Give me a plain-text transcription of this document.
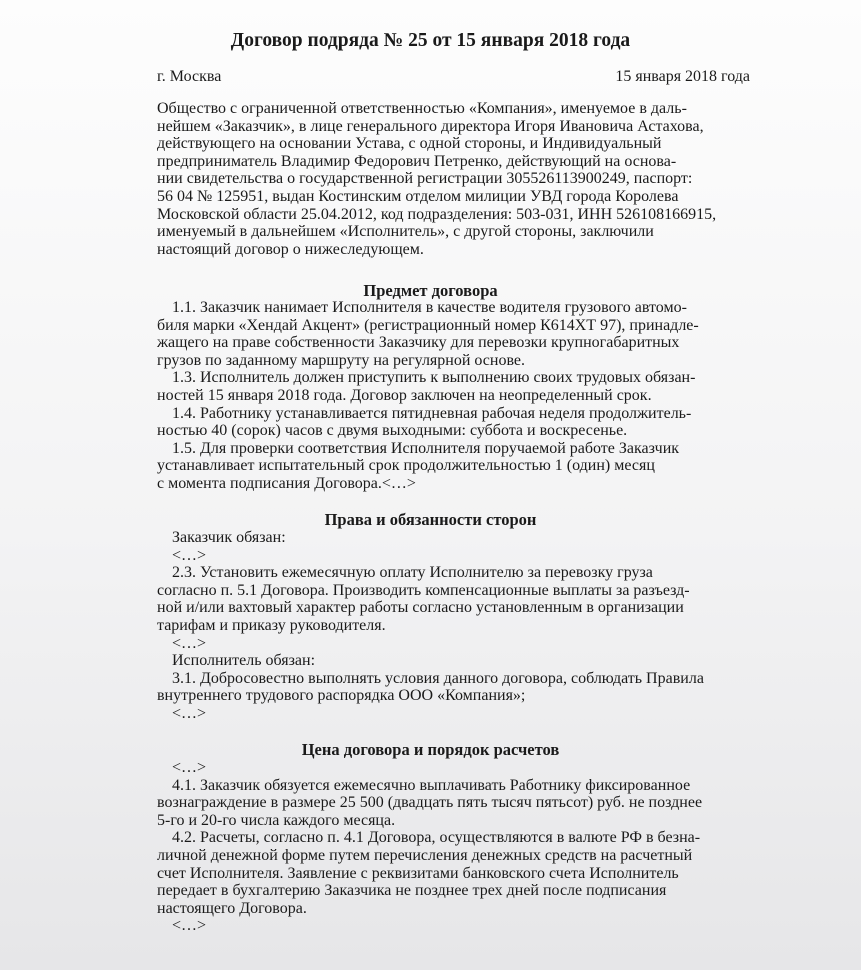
Договор подряда № 25 от 15 января 2018 года
г. Москва	15 января 2018 года
Общество с ограниченной ответственностью «Компания», именуемое в даль-
нейшем «Заказчик», в лице генерального директора Игоря Ивановича Астахова,
действующего на основании Устава, с одной стороны, и Индивидуальный
предприниматель Владимир Федорович Петренко, действующий на основа-
нии свидетельства о государственной регистрации 305526113900249, паспорт:
56 04 № 125951, выдан Костинским отделом милиции УВД города Королева
Московской области 25.04.2012, код подразделения: 503-031, ИНН 526108166915,
именуемый в дальнейшем «Исполнитель», с другой стороны, заключили
настоящий договор о нижеследующем.
Предмет договора
1.1. Заказчик нанимает Исполнителя в качестве водителя грузового автомо-
биля марки «Хендай Акцент» (регистрационный номер К614ХТ 97), принадле-
жащего на праве собственности Заказчику для перевозки крупногабаритных
грузов по заданному маршруту на регулярной основе.
1.3. Исполнитель должен приступить к выполнению своих трудовых обязан-
ностей 15 января 2018 года. Договор заключен на неопределенный срок.
1.4. Работнику устанавливается пятидневная рабочая неделя продолжитель-
ностью 40 (сорок) часов с двумя выходными: суббота и воскресенье.
1.5. Для проверки соответствия Исполнителя поручаемой работе Заказчик
устанавливает испытательный срок продолжительностью 1 (один) месяц
с момента подписания Договора.<…>
Права и обязанности сторон
Заказчик обязан:
<…>
2.3. Установить ежемесячную оплату Исполнителю за перевозку груза
согласно п. 5.1 Договора. Производить компенсационные выплаты за разъезд-
ной и/или вахтовый характер работы согласно установленным в организации
тарифам и приказу руководителя.
<…>
Исполнитель обязан:
3.1. Добросовестно выполнять условия данного договора, соблюдать Правила
внутреннего трудового распорядка ООО «Компания»;
<…>
Цена договора и порядок расчетов
<…>
4.1. Заказчик обязуется ежемесячно выплачивать Работнику фиксированное
вознаграждение в размере 25 500 (двадцать пять тысяч пятьсот) руб. не позднее
5-го и 20-го числа каждого месяца.
4.2. Расчеты, согласно п. 4.1 Договора, осуществляются в валюте РФ в безна-
личной денежной форме путем перечисления денежных средств на расчетный
счет Исполнителя. Заявление с реквизитами банковского счета Исполнитель
передает в бухгалтерию Заказчика не позднее трех дней после подписания
настоящего Договора.
<…>
